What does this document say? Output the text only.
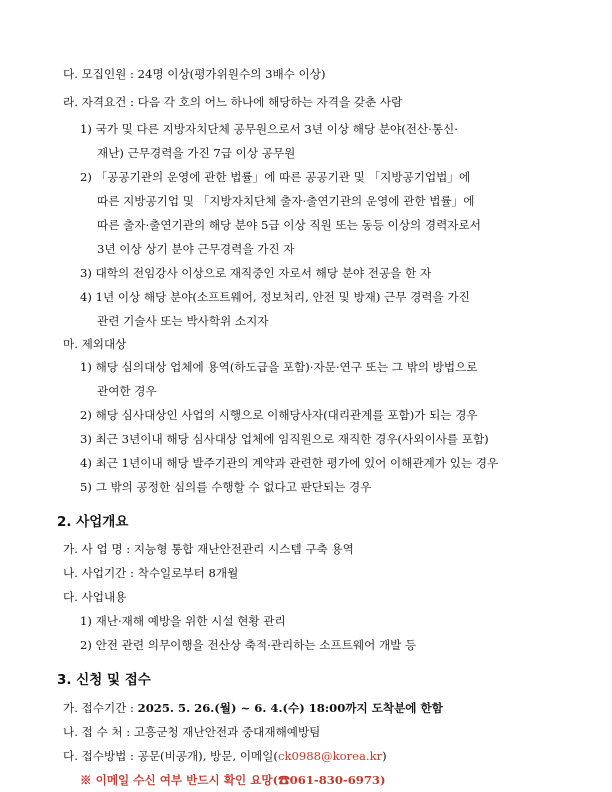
다. 모집인원 : 24명 이상(평가위원수의 3배수 이상)
라. 자격요건 : 다음 각 호의 어느 하나에 해당하는 자격을 갖춘 사람
1) 국가 및 다른 지방자치단체 공무원으로서 3년 이상 해당 분야(전산·통신·
재난) 근무경력을 가진 7급 이상 공무원
2) 「공공기관의 운영에 관한 법률」에 따른 공공기관 및 「지방공기업법」에
따른 지방공기업 및 「지방자치단체 출자·출연기관의 운영에 관한 법률」에
따른 출자·출연기관의 해당 분야 5급 이상 직원 또는 동등 이상의 경력자로서
3년 이상 상기 분야 근무경력을 가진 자
3) 대학의 전임강사 이상으로 재직중인 자로서 해당 분야 전공을 한 자
4) 1년 이상 해당 분야(소프트웨어, 정보처리, 안전 및 방재) 근무 경력을 가진
관련 기술사 또는 박사학위 소지자
마. 제외대상
1) 해당 심의대상 업체에 용역(하도급을 포함)·자문·연구 또는 그 밖의 방법으로
관여한 경우
2) 해당 심사대상인 사업의 시행으로 이해당사자(대리관계를 포함)가 되는 경우
3) 최근 3년이내 해당 심사대상 업체에 임직원으로 재직한 경우(사외이사를 포함)
4) 최근 1년이내 해당 발주기관의 계약과 관련한 평가에 있어 이해관계가 있는 경우
5) 그 밖의 공정한 심의를 수행할 수 없다고 판단되는 경우
2. 사업개요
가. 사 업 명 : 지능형 통합 재난안전관리 시스템 구축 용역
나. 사업기간 : 착수일로부터 8개월
다. 사업내용
1) 재난·재해 예방을 위한 시설 현황 관리
2) 안전 관련 의무이행을 전산상 축적·관리하는 소프트웨어 개발 등
3. 신청 및 접수
가. 접수기간 : 2025. 5. 26.(월) ~ 6. 4.(수) 18:00까지 도착분에 한함
나. 접 수 처 : 고흥군청 재난안전과 중대재해예방팀
다. 접수방법 : 공문(비공개), 방문, 이메일(ck0988@korea.kr)
※ 이메일 수신 여부 반드시 확인 요망(☎061-830-6973)
